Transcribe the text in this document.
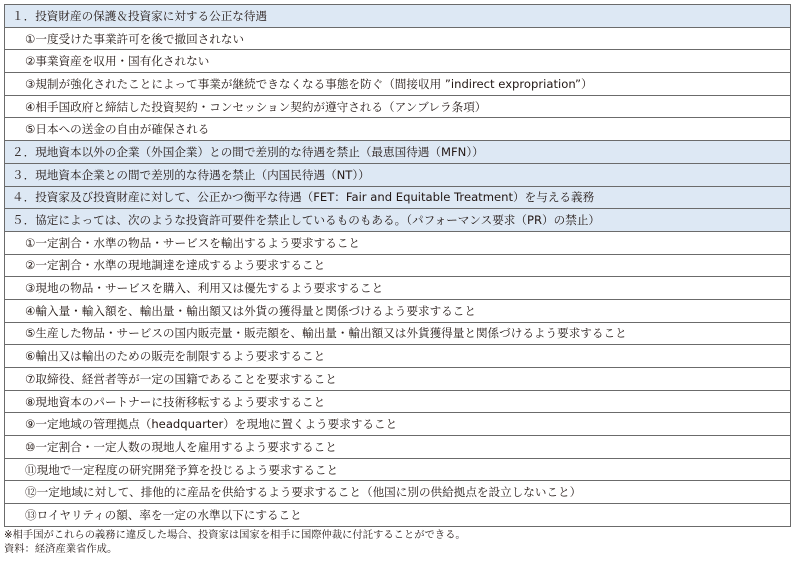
１．投資財産の保護＆投資家に対する公正な待遇
①一度受けた事業許可を後で撤回されない
②事業資産を収用・国有化されない
③規制が強化されたことによって事業が継続できなくなる事態を防ぐ（間接収用 ”indirect expropriation”）
④相手国政府と締結した投資契約・コンセッション契約が遵守される（アンブレラ条項）
⑤日本への送金の自由が確保される
２．現地資本以外の企業（外国企業）との間で差別的な待遇を禁止（最恵国待遇（MFN））
３．現地資本企業との間で差別的な待遇を禁止（内国民待遇（NT））
４．投資家及び投資財産に対して、公正かつ衡平な待遇（FET：Fair and Equitable Treatment）を与える義務
５．協定によっては、次のような投資許可要件を禁止しているものもある。（パフォーマンス要求（PR）の禁止）
①一定割合・水準の物品・サービスを輸出するよう要求すること
②一定割合・水準の現地調達を達成するよう要求すること
③現地の物品・サービスを購入、利用又は優先するよう要求すること
④輸入量・輸入額を、輸出量・輸出額又は外貨の獲得量と関係づけるよう要求すること
⑤生産した物品・サービスの国内販売量・販売額を、輸出量・輸出額又は外貨獲得量と関係づけるよう要求すること
⑥輸出又は輸出のための販売を制限するよう要求すること
⑦取締役、経営者等が一定の国籍であることを要求すること
⑧現地資本のパートナーに技術移転するよう要求すること
⑨一定地域の管理拠点（headquarter）を現地に置くよう要求すること
⑩一定割合・一定人数の現地人を雇用するよう要求すること
⑪現地で一定程度の研究開発予算を投じるよう要求すること
⑫一定地域に対して、排他的に産品を供給するよう要求すること（他国に別の供給拠点を設立しないこと）
⑬ロイヤリティの額、率を一定の水準以下にすること
※相手国がこれらの義務に違反した場合、投資家は国家を相手に国際仲裁に付託することができる。
資料：経済産業省作成。
